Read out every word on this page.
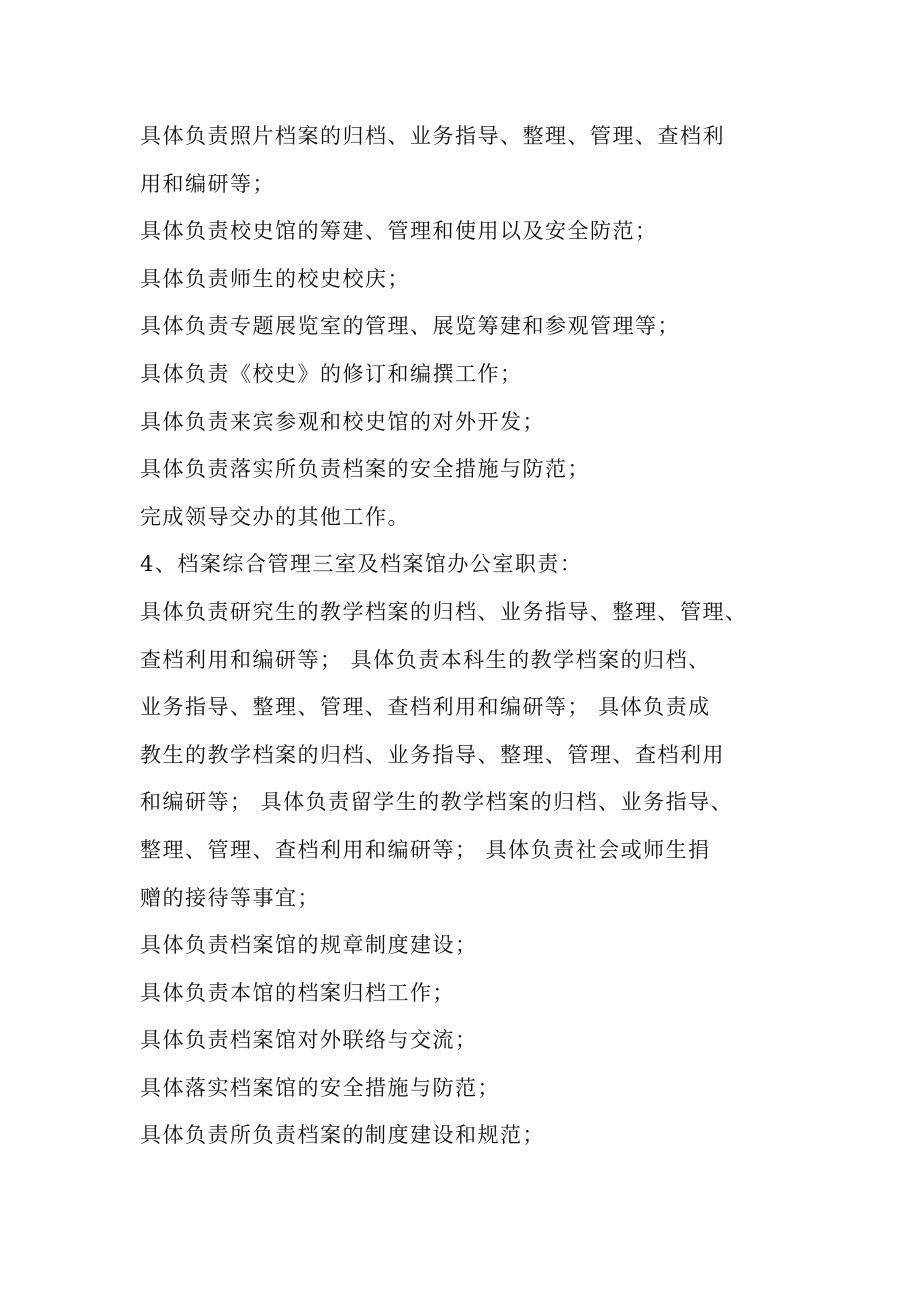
具体负责照片档案的归档、业务指导、整理、管理、查档利
用和编研等；
具体负责校史馆的筹建、管理和使用以及安全防范；
具体负责师生的校史校庆；
具体负责专题展览室的管理、展览筹建和参观管理等；
具体负责《校史》的修订和编撰工作；
具体负责来宾参观和校史馆的对外开发；
具体负责落实所负责档案的安全措施与防范；
完成领导交办的其他工作。
4、档案综合管理三室及档案馆办公室职责：
具体负责研究生的教学档案的归档、业务指导、整理、管理、
查档利用和编研等； 具体负责本科生的教学档案的归档、
业务指导、整理、管理、查档利用和编研等； 具体负责成
教生的教学档案的归档、业务指导、整理、管理、查档利用
和编研等； 具体负责留学生的教学档案的归档、业务指导、
整理、管理、查档利用和编研等； 具体负责社会或师生捐
赠的接待等事宜；
具体负责档案馆的规章制度建设；
具体负责本馆的档案归档工作；
具体负责档案馆对外联络与交流；
具体落实档案馆的安全措施与防范；
具体负责所负责档案的制度建设和规范；
